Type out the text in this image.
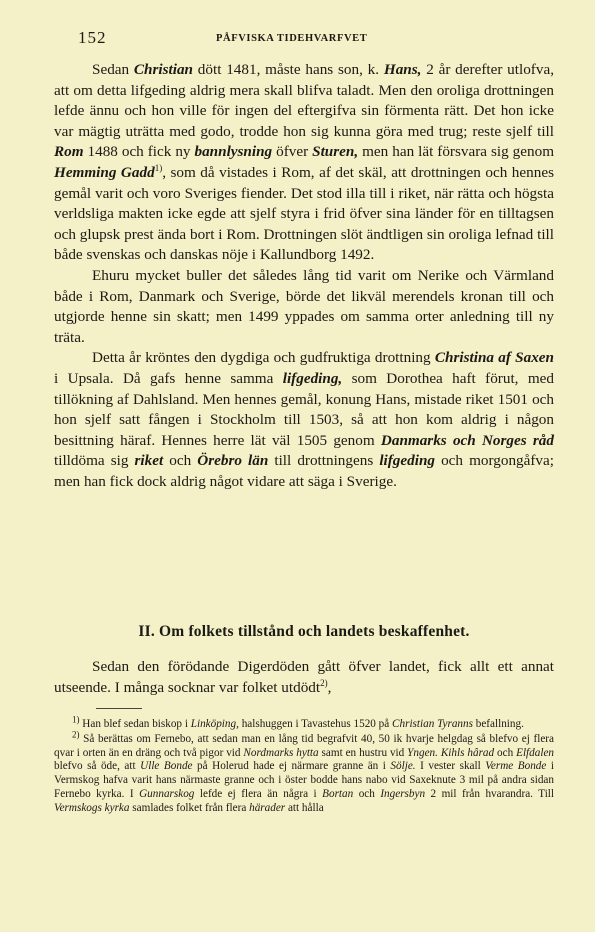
152	PÅFVISKA TIDEHVARFVET

Sedan Christian dött 1481, måste hans son, k. Hans, 2 år derefter utlofva, att om detta lifgeding aldrig mera skall blifva taladt. Men den oroliga drottningen lefde ännu och hon ville för ingen del eftergifva sin förmenta rätt. Det hon icke var mägtig uträtta med godo, trodde hon sig kunna göra med trug; reste sjelf till Rom 1488 och fick ny bannlysning öfver Sturen, men han lät försvara sig genom Hemming Gadd$^{1)}$, som då vistades i Rom, af det skäl, att drottningen och hennes gemål varit och voro Sveriges fiender. Det stod illa till i riket, när rätta och högsta verldsliga makten icke egde att sjelf styra i frid öfver sina länder för en tilltagsen och glupsk prest ända bort i Rom. Drottningen slöt ändtligen sin oroliga lefnad till både svenskas och danskas nöje i Kallundborg 1492.

Ehuru mycket buller det således lång tid varit om Nerike och Värmland både i Rom, Danmark och Sverige, börde det likväl merendels kronan till och utgjorde henne sin skatt; men 1499 yppades om samma orter anledning till ny träta.

Detta år kröntes den dygdiga och gudfruktiga drottning Christina af Saxen i Upsala. Då gafs henne samma lifgeding, som Dorothea haft förut, med tillökning af Dahlsland. Men hennes gemål, konung Hans, mistade riket 1501 och hon sjelf satt fången i Stockholm till 1503, så att hon kom aldrig i någon besittning häraf. Hennes herre lät väl 1505 genom Danmarks och Norges råd tilldöma sig riket och Örebro län till drottningens lifgeding och morgongåfva; men han fick dock aldrig något vidare att säga i Sverige.

II. Om folkets tillstånd och landets beskaffenhet.

Sedan den förödande Digerdöden gått öfver landet, fick allt ett annat utseende. I många socknar var folket utdödt$^{2)}$,

$^{1)}$ Han blef sedan biskop i Linköping, halshuggen i Tavastehus 1520 på Christian Tyranns befallning.

$^{2)}$ Så berättas om Fernebo, att sedan man en lång tid begrafvit 40, 50 ik hvarje helgdag så blefvo ej flera qvar i orten än en dräng och två pigor vid Nordmarks hytta samt en hustru vid Yngen. Kihls hârad och Elfdalen blefvo så öde, att Ulle Bonde på Holerud hade ej närmare granne än i Sölje. I vester skall Verme Bonde i Vermskog hafva varit hans närmaste granne och i öster bodde hans nabo vid Saxeknute 3 mil på andra sidan Fernebo kyrka. I Gunnarskog lefde ej flera än några i Bortan och Ingersbyn 2 mil från hvarandra. Till Vermskogs kyrka samlades folket från flera härader att hålla
